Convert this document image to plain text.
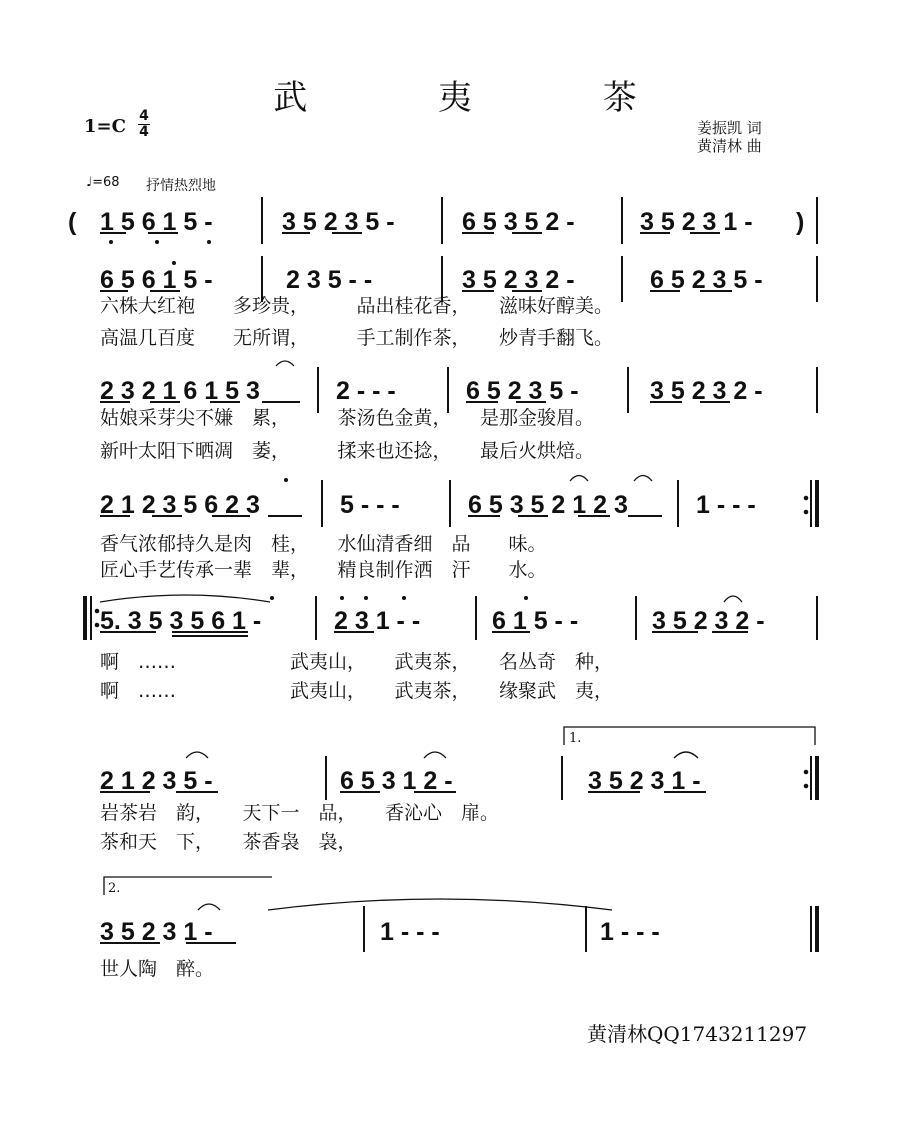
武 夷 茶
1=C 4
4	姜振凯 词
黄清林 曲
♩=68 抒情热烈地
1.
2.
( 1 5 6 1 5 -	3 5 2 3 5 -	6 5 3 5 2 -	3 5 2 3 1 - )
6 5 6 1 5 -	2 3 5 - -	3 5 2 3 2 -	6 5 2 3 5 -
2 3 2 1 6 1 5 3	2 - - -	6 5 2 3 5 -	3 5 2 3 2 -
2 1 2 3 5 6 2 3	5 - - -	6 5 3 5 2 1 2 3	1 - - -
5. 3 5 3 5 6 1 -	2 3 1 - -	6 1 5 - -	3 5 2 3 2 -
2 1 2 3 5 -	6 5 3 1 2 -	3 5 2 3 1 -
3 5 2 3 1 -	1 - - -	1 - - -
六株大红袍　　多珍贵，　　　品出桂花香，　　滋味好醇美。
高温几百度　　无所谓，　　　手工制作茶，　　炒青手翻飞。
姑娘采芽尖不嫌　累，　　　茶汤色金黄，　　是那金骏眉。
新叶太阳下晒凋　萎，　　　揉来也还捻，　　最后火烘焙。
香气浓郁持久是肉　桂，　　水仙清香细　品　　味。
匠心手艺传承一辈　辈，　　精良制作洒　汗　　水。
啊　……　　　　　　武夷山，　　武夷茶，　　名丛奇　种，
啊　……　　　　　　武夷山，　　武夷茶，　　缘聚武　夷，
岩茶岩　韵，　　天下一　品，　　香沁心　扉。
茶和天　下，　　茶香袅　袅，
世人陶　醉。
黄清林QQ1743211297
